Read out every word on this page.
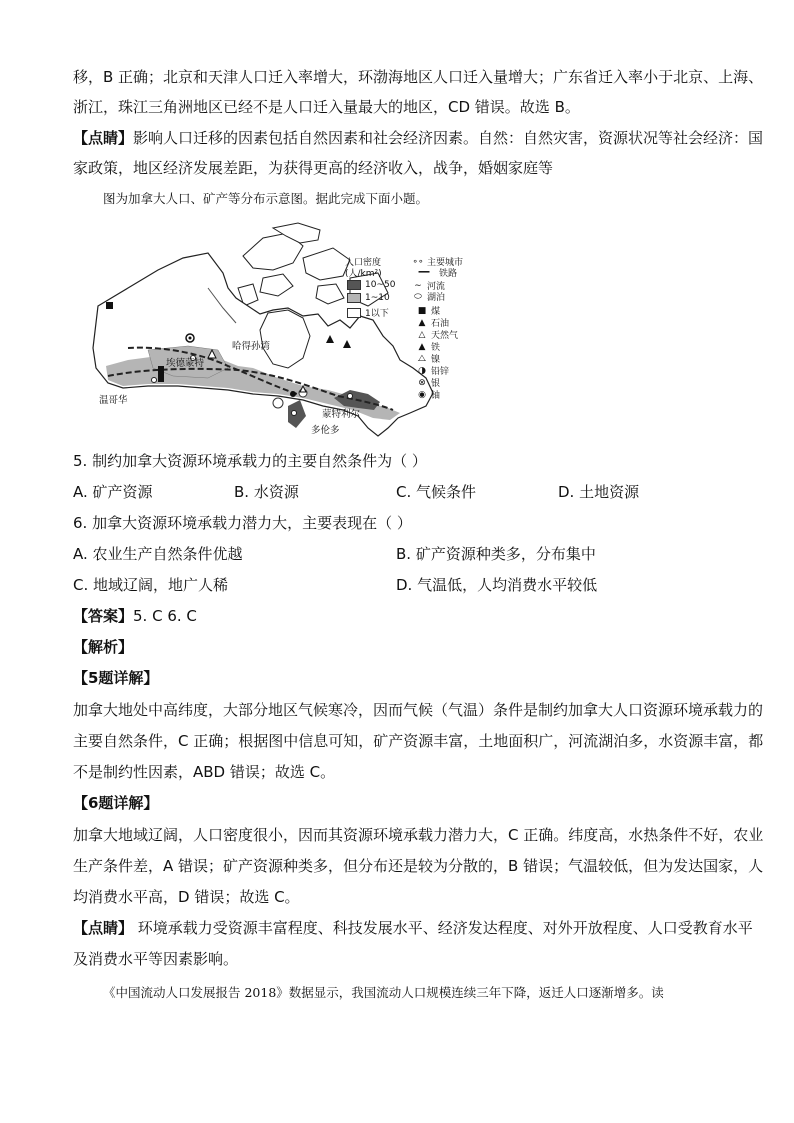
移，B 正确；北京和天津人口迁入率增大，环渤海地区人口迁入量增大；广东省迁入率小于北京、上海、
浙江，珠江三角洲地区已经不是人口迁入量最大的地区，CD 错误。故选 B。
【点睛】影响人口迁移的因素包括自然因素和社会经济因素。自然：自然灾害，资源状况等社会经济：国
家政策，地区经济发展差距，为获得更高的经济收入，战争，婚姻家庭等
图为加拿大人口、矿产等分布示意图。据此完成下面小题。
哈得孙湾
埃德蒙特
温哥华
蒙特利尔
多伦多
人口密度
(人/km²)
10~50
1~10
1以下
∘∘ 主要城市
━━	铁路
∼ 河流
⬭ 湖泊
■ 煤
▲ 石油
△ 天然气
▲ 铁
⧍ 镍
◑ 铅锌
⊗ 银
◉ 铀
5. 制约加拿大资源环境承载力的主要自然条件为（ ）
A. 矿产资源	B. 水资源	C. 气候条件	D. 土地资源
6. 加拿大资源环境承载力潜力大，主要表现在（ ）
A. 农业生产自然条件优越	B. 矿产资源种类多，分布集中
C. 地域辽阔，地广人稀	D. 气温低，人均消费水平较低
【答案】5. C 6. C
【解析】
【5题详解】
加拿大地处中高纬度，大部分地区气候寒冷，因而气候（气温）条件是制约加拿大人口资源环境承载力的
主要自然条件，C 正确；根据图中信息可知，矿产资源丰富，土地面积广，河流湖泊多，水资源丰富，都
不是制约性因素，ABD 错误；故选 C。
【6题详解】
加拿大地域辽阔，人口密度很小，因而其资源环境承载力潜力大，C 正确。纬度高，水热条件不好，农业
生产条件差，A 错误；矿产资源种类多，但分布还是较为分散的，B 错误；气温较低，但为发达国家，人
均消费水平高，D 错误；故选 C。
【点睛】 环境承载力受资源丰富程度、科技发展水平、经济发达程度、对外开放程度、人口受教育水平
及消费水平等因素影响。
《中国流动人口发展报告 2018》数据显示，我国流动人口规模连续三年下降，返迁人口逐渐增多。读
